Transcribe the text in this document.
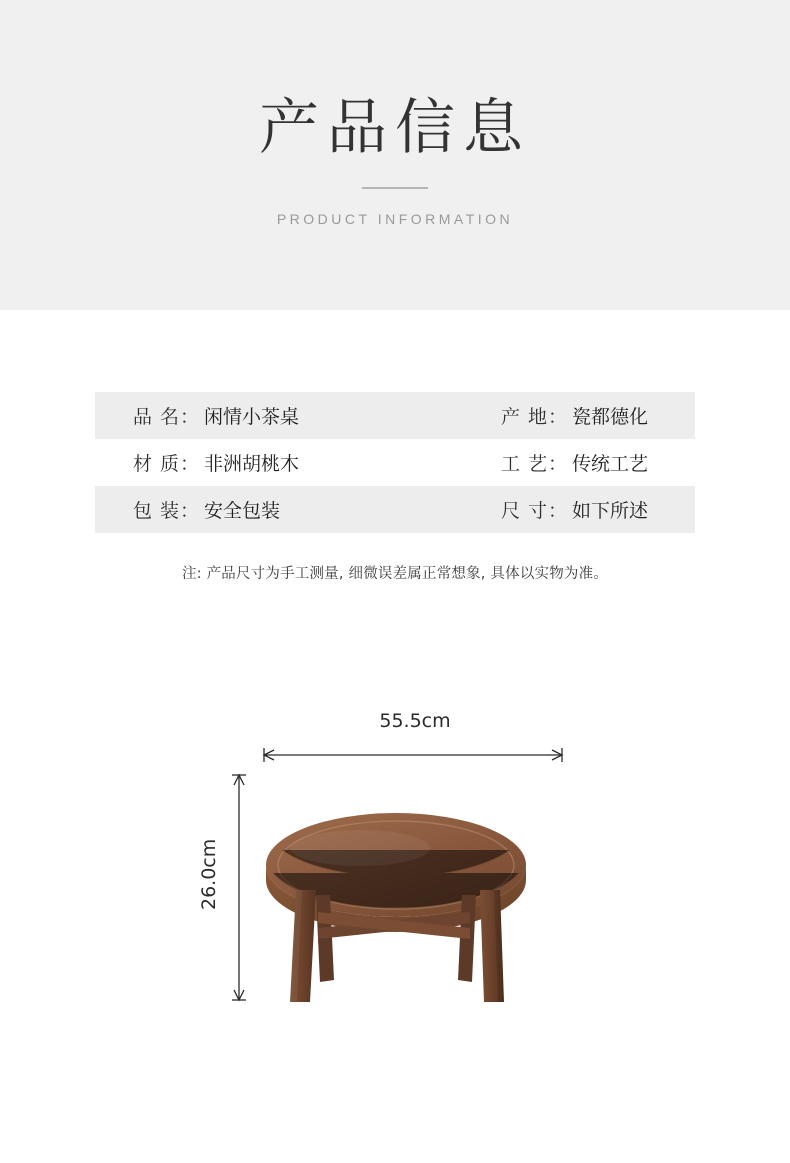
产品信息
PRODUCT INFORMATION
品 名： 闲情小茶桌	产 地： 瓷都德化
材 质： 非洲胡桃木	工 艺： 传统工艺
包 装： 安全包装	尺 寸： 如下所述
注: 产品尺寸为手工测量, 细微误差属正常想象, 具体以实物为准。
55.5cm
26.0cm
